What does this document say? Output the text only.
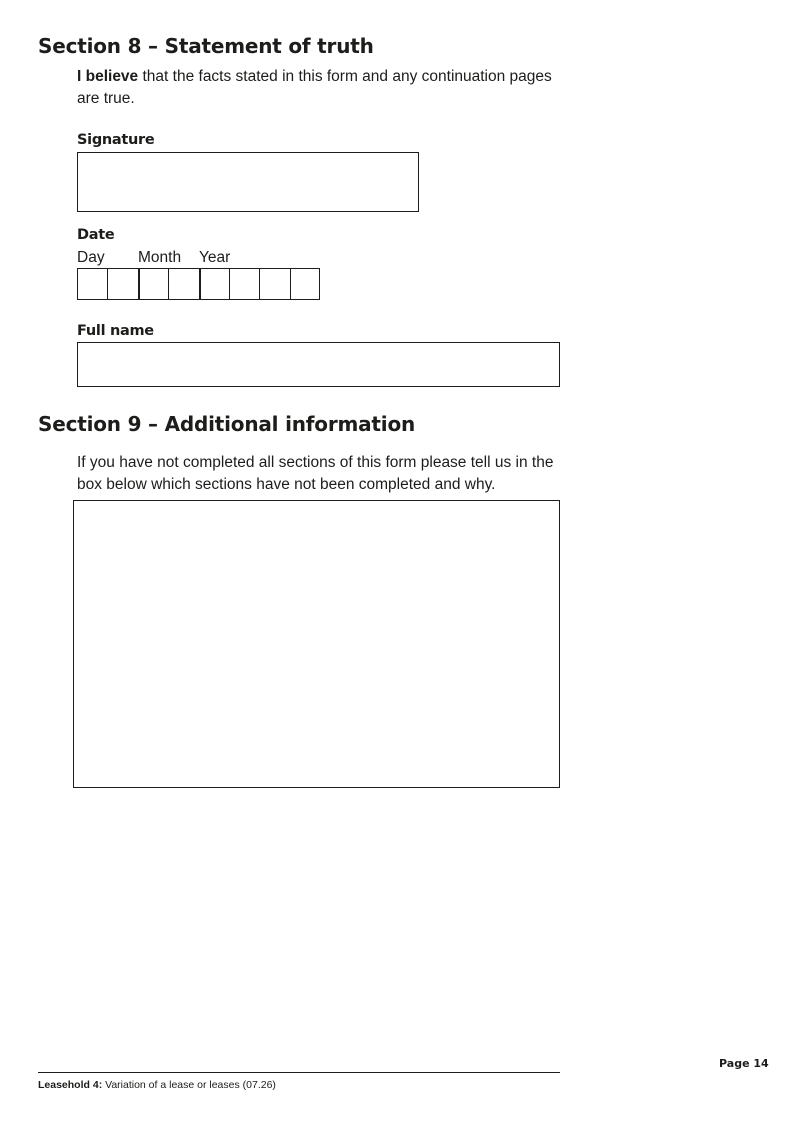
Section 8 – Statement of truth

I believe that the facts stated in this form and any continuation pages are true.

Signature
Date
Day Month Year
Full name
Section 9 – Additional information

If you have not completed all sections of this form please tell us in the box below which sections have not been completed and why.

Page 14
Leasehold 4: Variation of a lease or leases (07.26)
